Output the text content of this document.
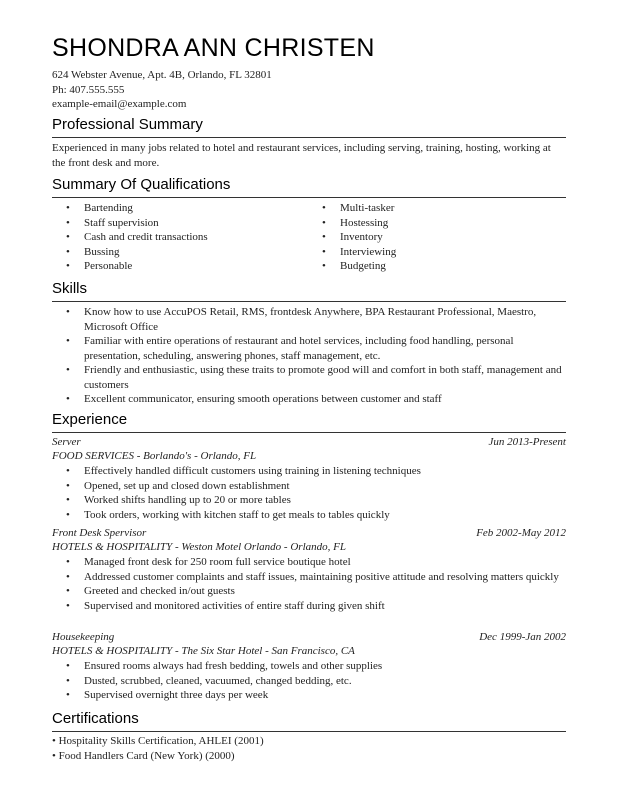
SHONDRA ANN CHRISTEN
624 Webster Avenue, Apt. 4B, Orlando, FL 32801
Ph: 407.555.555
example-email@example.com
Professional Summary
Experienced in many jobs related to hotel and restaurant services, including serving, training, hosting, working at the front desk and more.
Summary Of Qualifications
• Bartending
• Staff supervision
• Cash and credit transactions
• Bussing
• Personable
• Multi-tasker
• Hostessing
• Inventory
• Interviewing
• Budgeting
Skills
• Know how to use AccuPOS Retail, RMS, frontdesk Anywhere, BPA Restaurant Professional, Maestro, Microsoft Office
• Familiar with entire operations of restaurant and hotel services, including food handling, personal presentation, scheduling, answering phones, staff management, etc.
• Friendly and enthusiastic, using these traits to promote good will and comfort in both staff, management and customers
• Excellent communicator, ensuring smooth operations between customer and staff
Experience
Server	Jun 2013-Present
FOOD SERVICES - Borlando's - Orlando, FL
• Effectively handled difficult customers using training in listening techniques
• Opened, set up and closed down establishment
• Worked shifts handling up to 20 or more tables
• Took orders, working with kitchen staff to get meals to tables quickly
Front Desk Spervisor	Feb 2002-May 2012
HOTELS & HOSPITALITY - Weston Motel Orlando - Orlando, FL
• Managed front desk for 250 room full service boutique hotel
• Addressed customer complaints and staff issues, maintaining positive attitude and resolving matters quickly
• Greeted and checked in/out guests
• Supervised and monitored activities of entire staff during given shift
Housekeeping	Dec 1999-Jan 2002
HOTELS & HOSPITALITY - The Six Star Hotel - San Francisco, CA
• Ensured rooms always had fresh bedding, towels and other supplies
• Dusted, scrubbed, cleaned, vacuumed, changed bedding, etc.
• Supervised overnight three days per week
Certifications
• Hospitality Skills Certification, AHLEI (2001)
• Food Handlers Card (New York) (2000)
